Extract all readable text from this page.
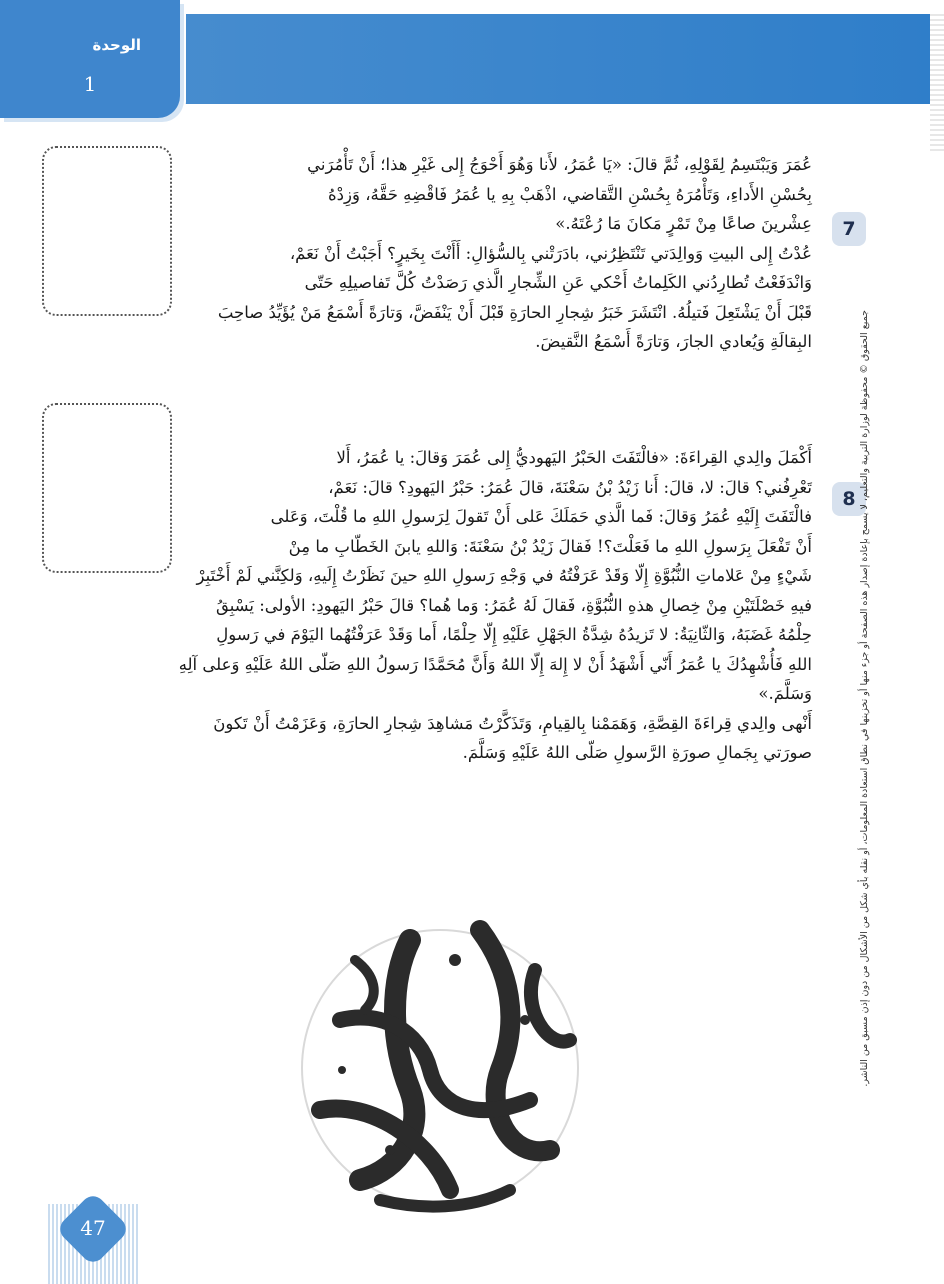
الوحدة
1
7
8

عُمَرَ وَيَبْتَسِمُ لِقَوْلِهِ، ثُمَّ قالَ: «يَا عُمَرُ، لأَنا وَهُوَ أَحْوَجُ إِلى غَيْرِ هذا؛ أَنْ تَأْمُرَني

بِحُسْنِ الأَداءِ، وَتَأْمُرَهُ بِحُسْنِ التَّقاضي، اذْهَبْ بِهِ يا عُمَرُ فَاقْضِهِ حَقَّهُ، وَزِدْهُ

عِشْرينَ صاعًا مِنْ تَمْرٍ مَكانَ مَا رُعْتَهُ.»

عُدْتُ إِلى البيتِ وَوالِدَتي تَنْتَظِرُني، بادَرَتْني بِالسُّؤالِ: أَأَنْتَ بِخَيرٍ؟ أَجَبْتُ أَنْ نَعَمْ،

وَانْدَفَعْتُ تُطارِدُني الكَلِماتُ أَحْكي عَنِ الشِّجارِ الَّذي رَصَدْتُ كُلَّ تَفاصيلِهِ حَتّى

قَبْلَ أَنْ يَشْتَعِلَ فَتيلُهُ. انْتَشَرَ خَبَرُ شِجارِ الحارَةِ قَبْلَ أَنْ يَنْفَضَّ، وَتارَةً أَسْمَعُ مَنْ يُؤَيِّدُ صاحِبَ

البِقالَةِ وَيُعادي الجارَ، وَتارَةً أَسْمَعُ النَّقيضَ.

أَكْمَلَ والِدي القِراءَةَ: «فالْتَفَتَ الحَبْرُ اليَهوديُّ إِلى عُمَرَ وَقالَ: يا عُمَرُ، أَلا

تَعْرِفُني؟ قالَ: لا، قالَ: أَنا زَيْدُ بْنُ سَعْنَةَ، قالَ عُمَرُ: حَبْرُ اليَهودِ؟ قالَ: نَعَمْ،

فالْتَفَتَ إِلَيْهِ عُمَرُ وَقالَ: فَما الَّذي حَمَلَكَ عَلى أَنْ تَقولَ لِرَسولِ اللهِ ما قُلْتَ، وَعَلى

أَنْ تَفْعَلَ بِرَسولِ اللهِ ما فَعَلْتَ؟! فَقالَ زَيْدُ بْنُ سَعْنَةَ: وَاللهِ يابنَ الخَطّابِ ما مِنْ

شَيْءٍ مِنْ عَلاماتِ النُّبُوَّةِ إِلّا وَقَدْ عَرَفْتُهُ في وَجْهِ رَسولِ اللهِ حينَ نَظَرْتُ إِلَيهِ، وَلكِنَّني لَمْ أَخْتَبِرْ

فيهِ خَصْلَتَيْنِ مِنْ خِصالِ هذهِ النُّبُوَّةِ، فَقالَ لَهُ عُمَرُ: وَما هُما؟ قالَ حَبْرُ اليَهودِ: الأولى: يَسْبِقُ

حِلْمُهُ غَضَبَهُ، وَالثّانِيَةُ: لا تَزيدُهُ شِدَّةُ الجَهْلِ عَلَيْهِ إِلّا حِلْمًا، أَما وَقَدْ عَرَفْتُهُما اليَوْمَ في رَسولِ

اللهِ فَأُشْهِدُكَ يا عُمَرُ أَنّي أَشْهَدُ أَنْ لا إِلهَ إِلّا اللهُ وَأَنَّ مُحَمَّدًا رَسولُ اللهِ صَلّى اللهُ عَلَيْهِ وَعلى آلِهِ

وَسَلَّمَ.»

أَنْهى والِدي قِراءَةَ القِصَّةِ، وَهَمَمْنا بِالقِيامِ، وَتَذَكَّرْتُ مَشاهِدَ شِجارِ الحارَةِ، وَعَزَمْتُ أَنْ تَكونَ

صورَتي بِجَمالِ صورَةِ الرَّسولِ صَلّى اللهُ عَلَيْهِ وَسَلَّمَ.	جميع الحقوق © محفوظة لوزارة التربية والتعليم، لا يسمح بإعادة إصدار هذه الصفحة أو جزء منها أو تخزينها في نطاق استعادة المعلومات، أو نقله بأي شكل من الأشكال من دون إذن مسبق من الناشر.
47
